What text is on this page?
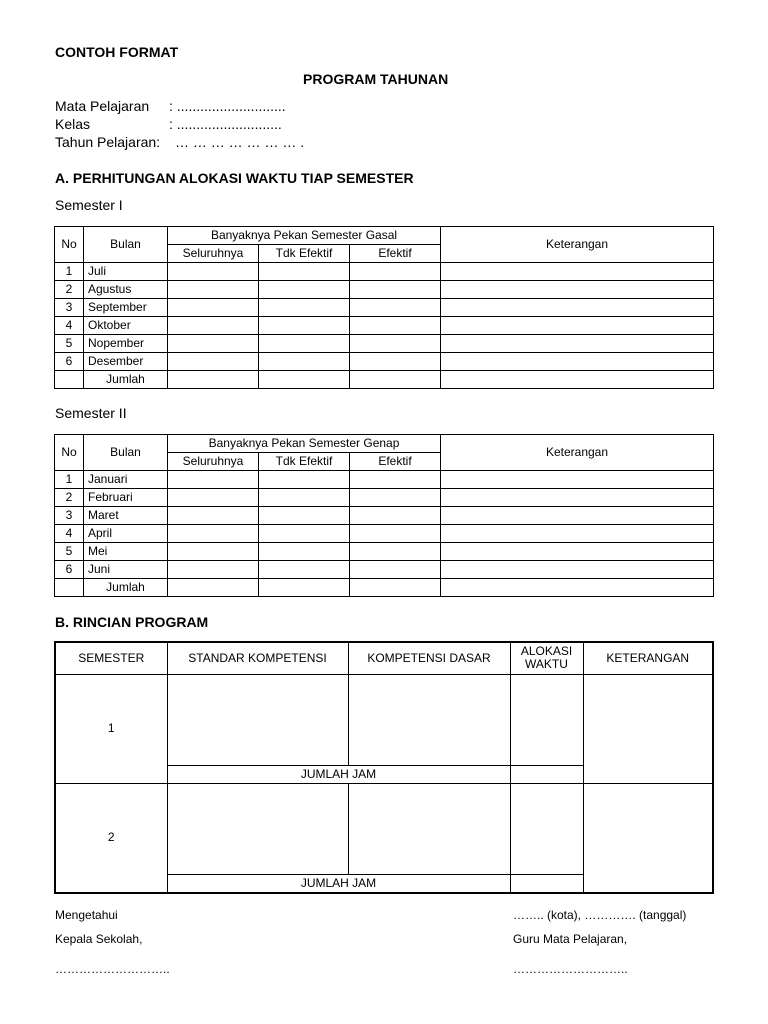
CONTOH FORMAT
PROGRAM TAHUNAN
Mata Pelajaran : ............................
Kelas	: ...........................
Tahun Pelajaran: … … … … … … … .
A. PERHITUNGAN ALOKASI WAKTU TIAP SEMESTER
Semester I
No	Bulan	Banyaknya Pekan Semester Gasal			Keterangan
		Seluruhnya	Tdk Efektif	Efektif	
1	Juli				
2	Agustus				
3	September				
4	Oktober				
5	Nopember				
6	Desember				
	Jumlah				
Semester II
No	Bulan	Banyaknya Pekan Semester Genap			Keterangan
		Seluruhnya	Tdk Efektif	Efektif	
1	Januari				
2	Februari				
3	Maret				
4	April				
5	Mei				
6	Juni				
	Jumlah				
B. RINCIAN PROGRAM
SEMESTER	STANDAR KOMPETENSI	KOMPETENSI DASAR	ALOKASI WAKTU	KETERANGAN
1				
	JUMLAH JAM			
2				
	JUMLAH JAM			
Mengetahui
Kepala Sekolah,
………………………..
…….. (kota), …………. (tanggal)
Guru Mata Pelajaran,
………………………..
